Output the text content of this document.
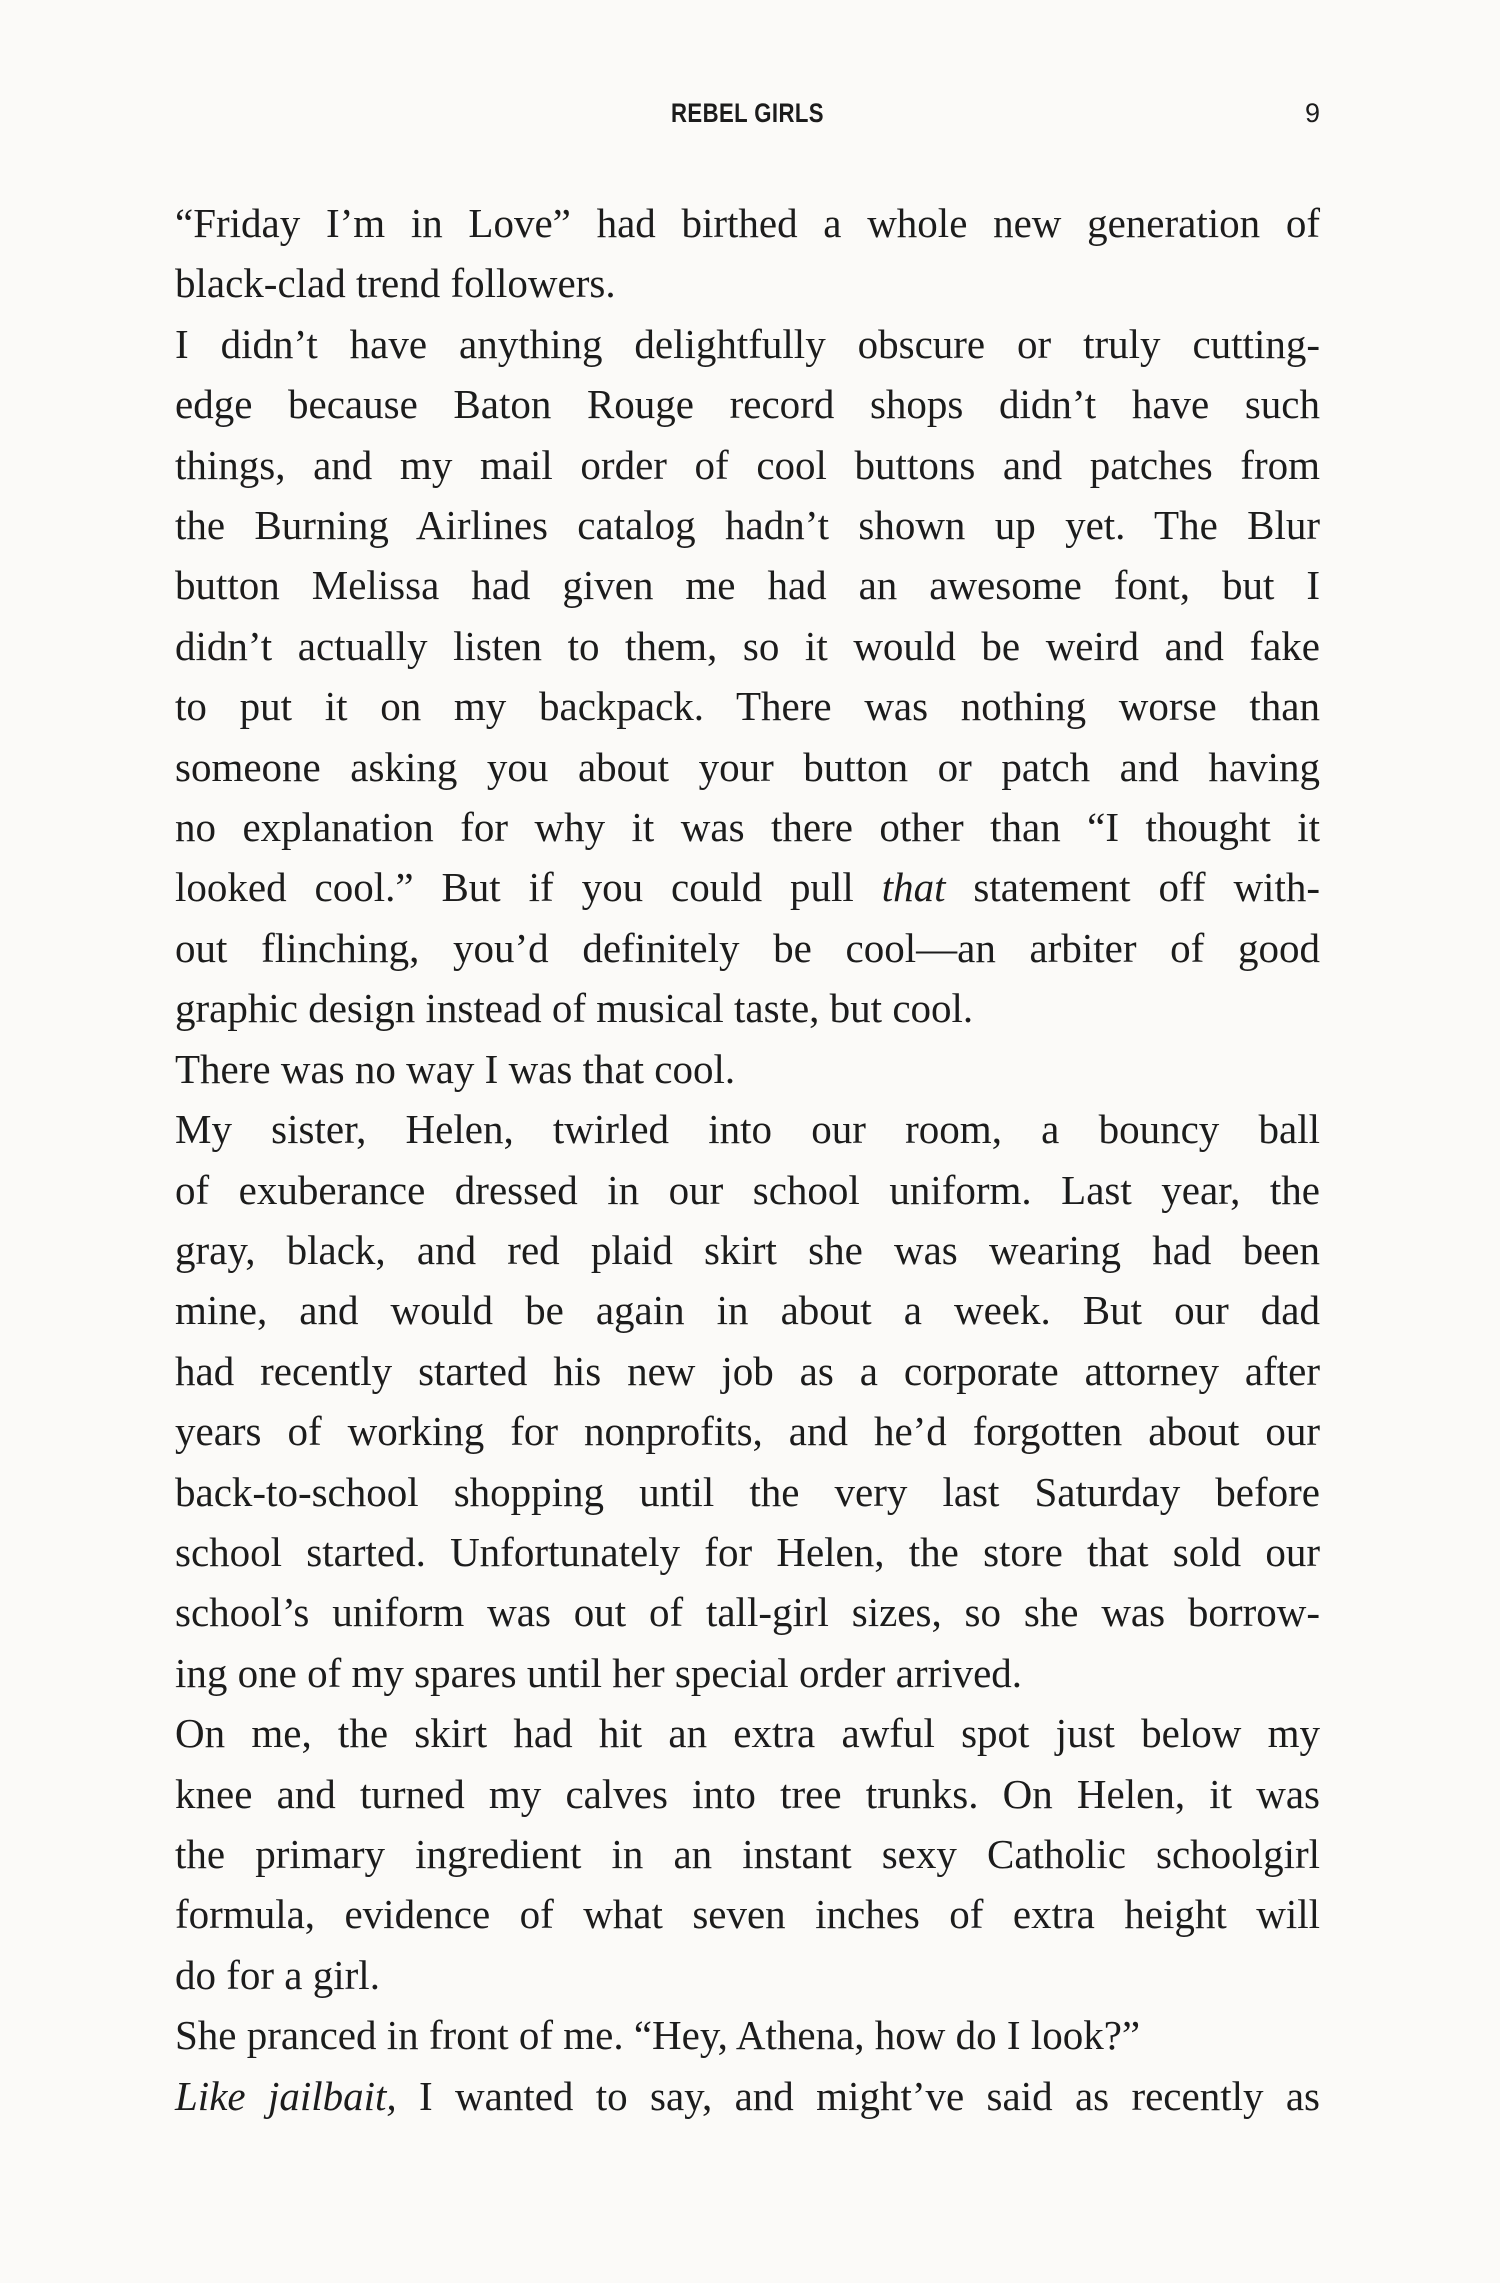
REBEL GIRLS	9

“Friday I’m in Love” had birthed a whole new generation of
black-clad trend followers.

I didn’t have anything delightfully obscure or truly cutting-
edge because Baton Rouge record shops didn’t have such
things, and my mail order of cool buttons and patches from
the Burning Airlines catalog hadn’t shown up yet. The Blur
button Melissa had given me had an awesome font, but I
didn’t actually listen to them, so it would be weird and fake
to put it on my backpack. There was nothing worse than
someone asking you about your button or patch and having
no explanation for why it was there other than “I thought it
looked cool.” But if you could pull that statement off with-
out flinching, you’d definitely be cool—an arbiter of good
graphic design instead of musical taste, but cool.

There was no way I was that cool.

My sister, Helen, twirled into our room, a bouncy ball
of exuberance dressed in our school uniform. Last year, the
gray, black, and red plaid skirt she was wearing had been
mine, and would be again in about a week. But our dad
had recently started his new job as a corporate attorney after
years of working for nonprofits, and he’d forgotten about our
back-to-school shopping until the very last Saturday before
school started. Unfortunately for Helen, the store that sold our
school’s uniform was out of tall-girl sizes, so she was borrow-
ing one of my spares until her special order arrived.

On me, the skirt had hit an extra awful spot just below my
knee and turned my calves into tree trunks. On Helen, it was
the primary ingredient in an instant sexy Catholic schoolgirl
formula, evidence of what seven inches of extra height will
do for a girl.

She pranced in front of me. “Hey, Athena, how do I look?”

Like jailbait, I wanted to say, and might’ve said as recently as
